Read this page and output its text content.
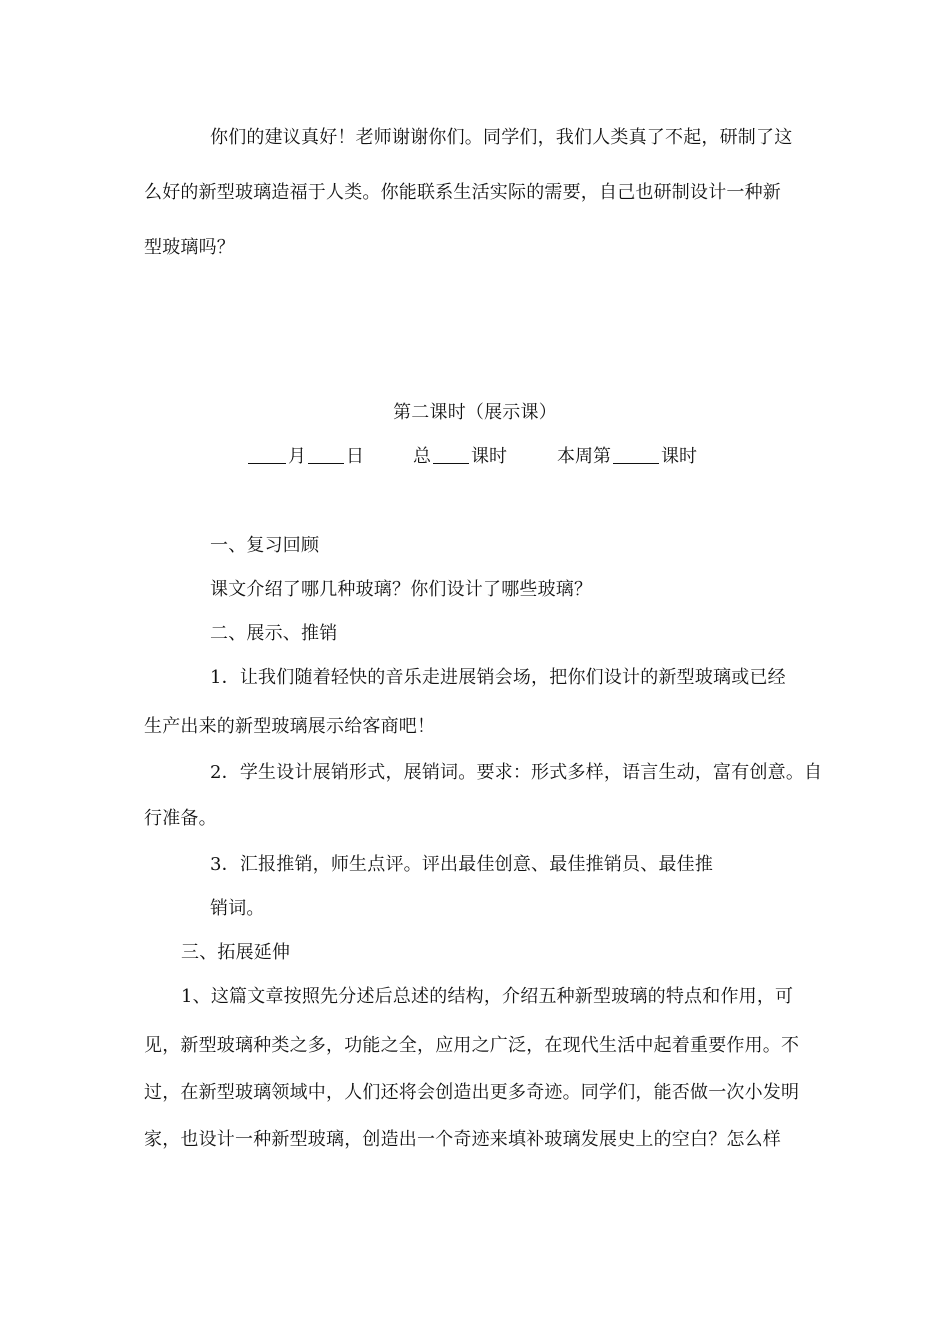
你们的建议真好！老师谢谢你们。同学们，我们人类真了不起，研制了这
么好的新型玻璃造福于人类。你能联系生活实际的需要，自己也研制设计一种新
型玻璃吗？
第二课时（展示课）
月 日	总 课时	本周第	课时
一、复习回顾
课文介绍了哪几种玻璃？你们设计了哪些玻璃？
二、展示、推销
1．让我们随着轻快的音乐走进展销会场，把你们设计的新型玻璃或已经
生产出来的新型玻璃展示给客商吧！
2．学生设计展销形式，展销词。要求：形式多样，语言生动，富有创意。自
行准备。
3．汇报推销，师生点评。评出最佳创意、最佳推销员、最佳推
销词。
三、拓展延伸
1、这篇文章按照先分述后总述的结构，介绍五种新型玻璃的特点和作用，可
见，新型玻璃种类之多，功能之全，应用之广泛，在现代生活中起着重要作用。不
过，在新型玻璃领域中，人们还将会创造出更多奇迹。同学们，能否做一次小发明
家，也设计一种新型玻璃，创造出一个奇迹来填补玻璃发展史上的空白？怎么样
